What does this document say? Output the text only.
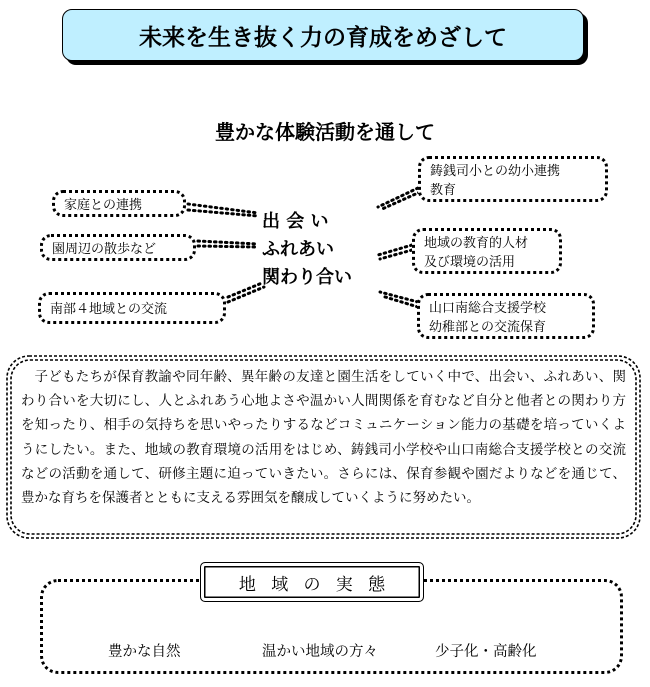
未来を生き抜く力の育成をめざして
豊かな体験活動を通して
家庭との連携
園周辺の散歩など
南部４地域との交流
出 会 い
ふれあい
関わり合い
鋳銭司小との幼小連携
教育
地域の教育的人材
及び環境の活用
山口南総合支援学校
幼稚部との交流保育
子どもたちが保育教諭や同年齢、異年齢の友達と園生活をしていく中で、出会い、ふれあい、関わり合いを大切にし、人とふれあう心地よさや温かい人間関係を育むなど自分と他者との関わり方を知ったり、相手の気持ちを思いやったりするなどコミュニケーション能力の基礎を培っていくようにしたい。また、地域の教育環境の活用をはじめ、鋳銭司小学校や山口南総合支援学校との交流などの活動を通して、研修主題に迫っていきたい。さらには、保育参観や園だよりなどを通じて、豊かな育ちを保護者とともに支える雰囲気を醸成していくように努めたい。
地域の実態
豊かな自然	温かい地域の方々	少子化・高齢化
